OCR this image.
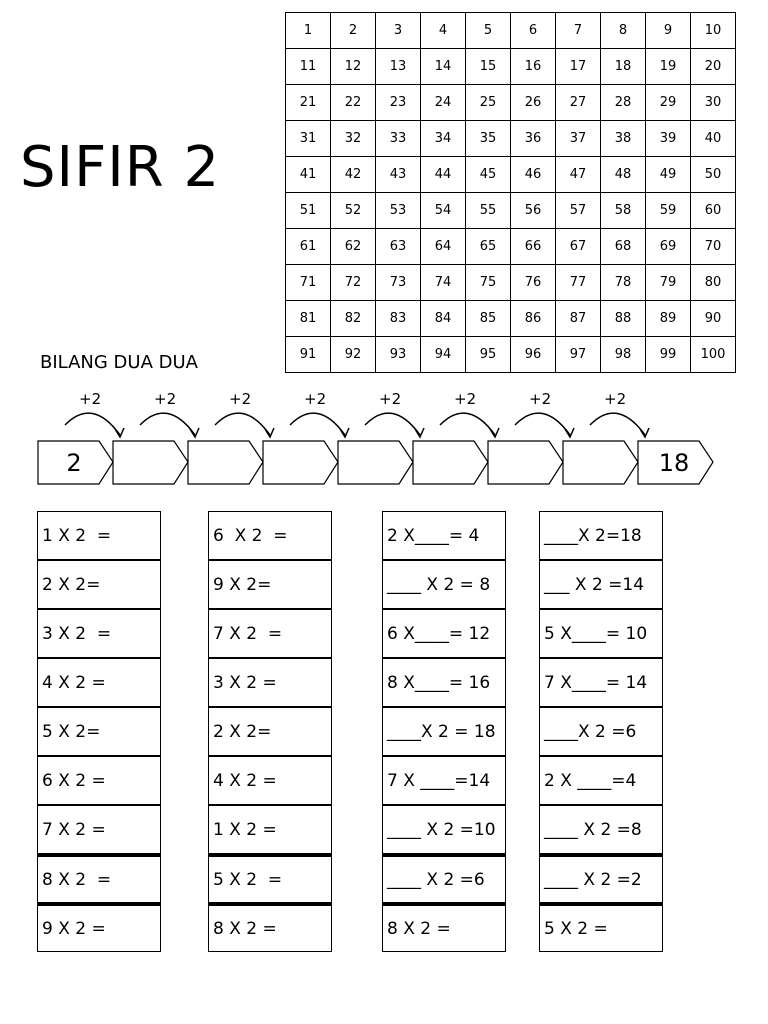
SIFIR 2
1	2	3	4	5	6	7	8	9	10
11	12	13	14	15	16	17	18	19	20
21	22	23	24	25	26	27	28	29	30
31	32	33	34	35	36	37	38	39	40
41	42	43	44	45	46	47	48	49	50
51	52	53	54	55	56	57	58	59	60
61	62	63	64	65	66	67	68	69	70
71	72	73	74	75	76	77	78	79	80
81	82	83	84	85	86	87	88	89	90
91	92	93	94	95	96	97	98	99	100
BILANG DUA DUA
+2	+2	+2	+2	+2	+2	+2	+2
2	18
1 X 2  =
2 X 2=
3 X 2  =
4 X 2 =
5 X 2=
6 X 2 =
7 X 2 =
8 X 2  =
9 X 2 =
6  X 2  =
9 X 2=
7 X 2  =
3 X 2 =
2 X 2=
4 X 2 =
1 X 2 =
5 X 2  =
8 X 2 =
2 X____= 4
____ X 2 = 8
6 X____= 12
8 X____= 16
____X 2 = 18
7 X ____=14
____ X 2 =10
____ X 2 =6
8 X 2 =
____X 2=18
___ X 2 =14
5 X____= 10
7 X____= 14
____X 2 =6
2 X ____=4
____ X 2 =8
____ X 2 =2
5 X 2 =
